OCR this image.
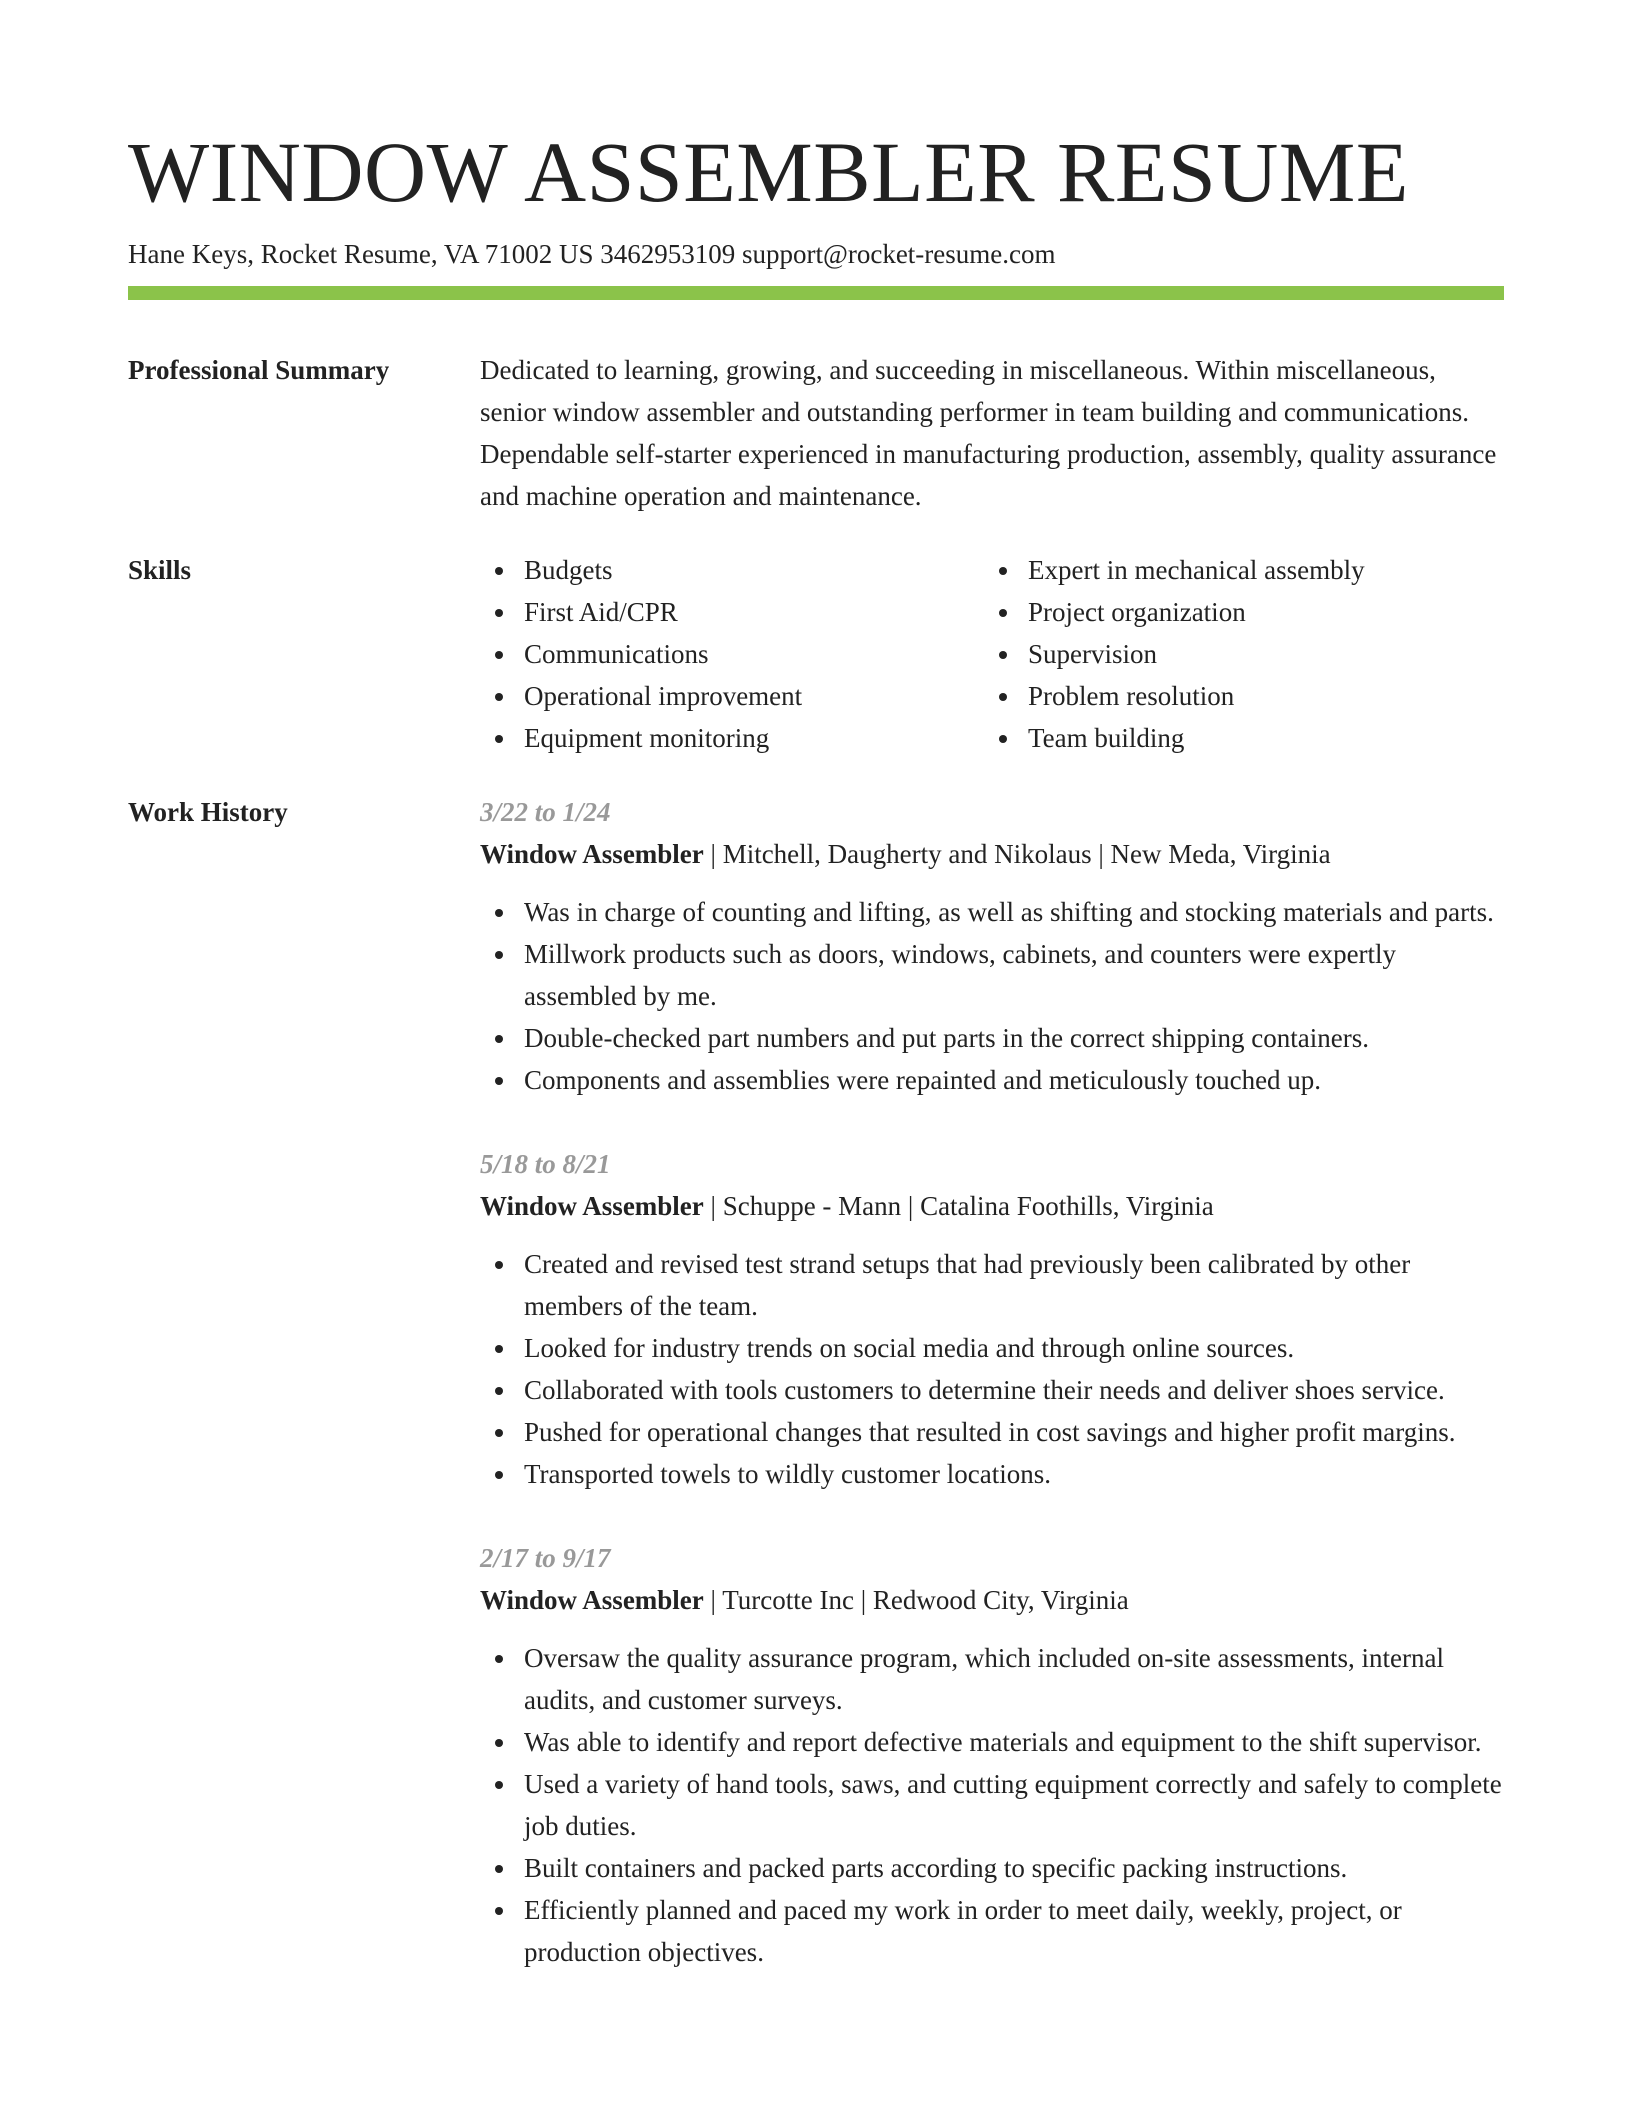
WINDOW ASSEMBLER RESUME
Hane Keys, Rocket Resume, VA 71002 US 3462953109 support@rocket-resume.com
Professional Summary	Dedicated to learning, growing, and succeeding in miscellaneous. Within miscellaneous, senior window assembler and outstanding performer in team building and communications. Dependable self-starter experienced in manufacturing production, assembly, quality assurance and machine operation and maintenance.

Skills	Budgets
First Aid/CPR
Communications
Operational improvement
Equipment monitoring
Expert in mechanical assembly
Project organization
Supervision
Problem resolution
Team building
Work History	3/22 to 1/24
Window Assembler | Mitchell, Daugherty and Nikolaus | New Meda, Virginia
Was in charge of counting and lifting, as well as shifting and stocking materials and parts.
Millwork products such as doors, windows, cabinets, and counters were expertly assembled by me.
Double-checked part numbers and put parts in the correct shipping containers.
Components and assemblies were repainted and meticulously touched up.
5/18 to 8/21
Window Assembler | Schuppe - Mann | Catalina Foothills, Virginia
Created and revised test strand setups that had previously been calibrated by other members of the team.
Looked for industry trends on social media and through online sources.
Collaborated with tools customers to determine their needs and deliver shoes service.
Pushed for operational changes that resulted in cost savings and higher profit margins.
Transported towels to wildly customer locations.
2/17 to 9/17
Window Assembler | Turcotte Inc | Redwood City, Virginia
Oversaw the quality assurance program, which included on-site assessments, internal audits, and customer surveys.
Was able to identify and report defective materials and equipment to the shift supervisor.
Used a variety of hand tools, saws, and cutting equipment correctly and safely to complete job duties.
Built containers and packed parts according to specific packing instructions.
Efficiently planned and paced my work in order to meet daily, weekly, project, or production objectives.
